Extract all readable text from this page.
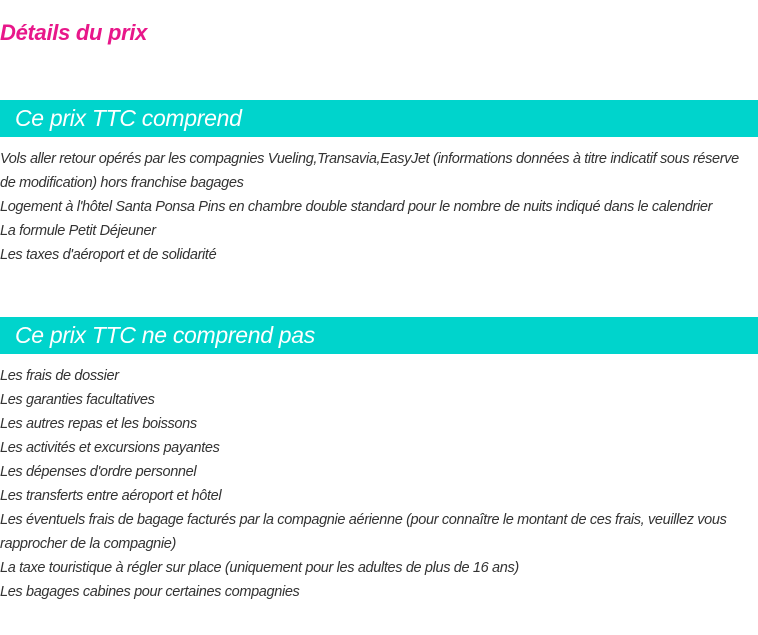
Détails du prix
Ce prix TTC comprend
Vols aller retour opérés par les compagnies Vueling,Transavia,EasyJet (informations données à titre indicatif sous réserve de modification) hors franchise bagages
Logement à l'hôtel Santa Ponsa Pins en chambre double standard pour le nombre de nuits indiqué dans le calendrier
La formule Petit Déjeuner
Les taxes d'aéroport et de solidarité
Ce prix TTC ne comprend pas
Les frais de dossier
Les garanties facultatives
Les autres repas et les boissons
Les activités et excursions payantes
Les dépenses d'ordre personnel
Les transferts entre aéroport et hôtel
Les éventuels frais de bagage facturés par la compagnie aérienne (pour connaître le montant de ces frais, veuillez vous rapprocher de la compagnie)
La taxe touristique à régler sur place (uniquement pour les adultes de plus de 16 ans)
Les bagages cabines pour certaines compagnies
